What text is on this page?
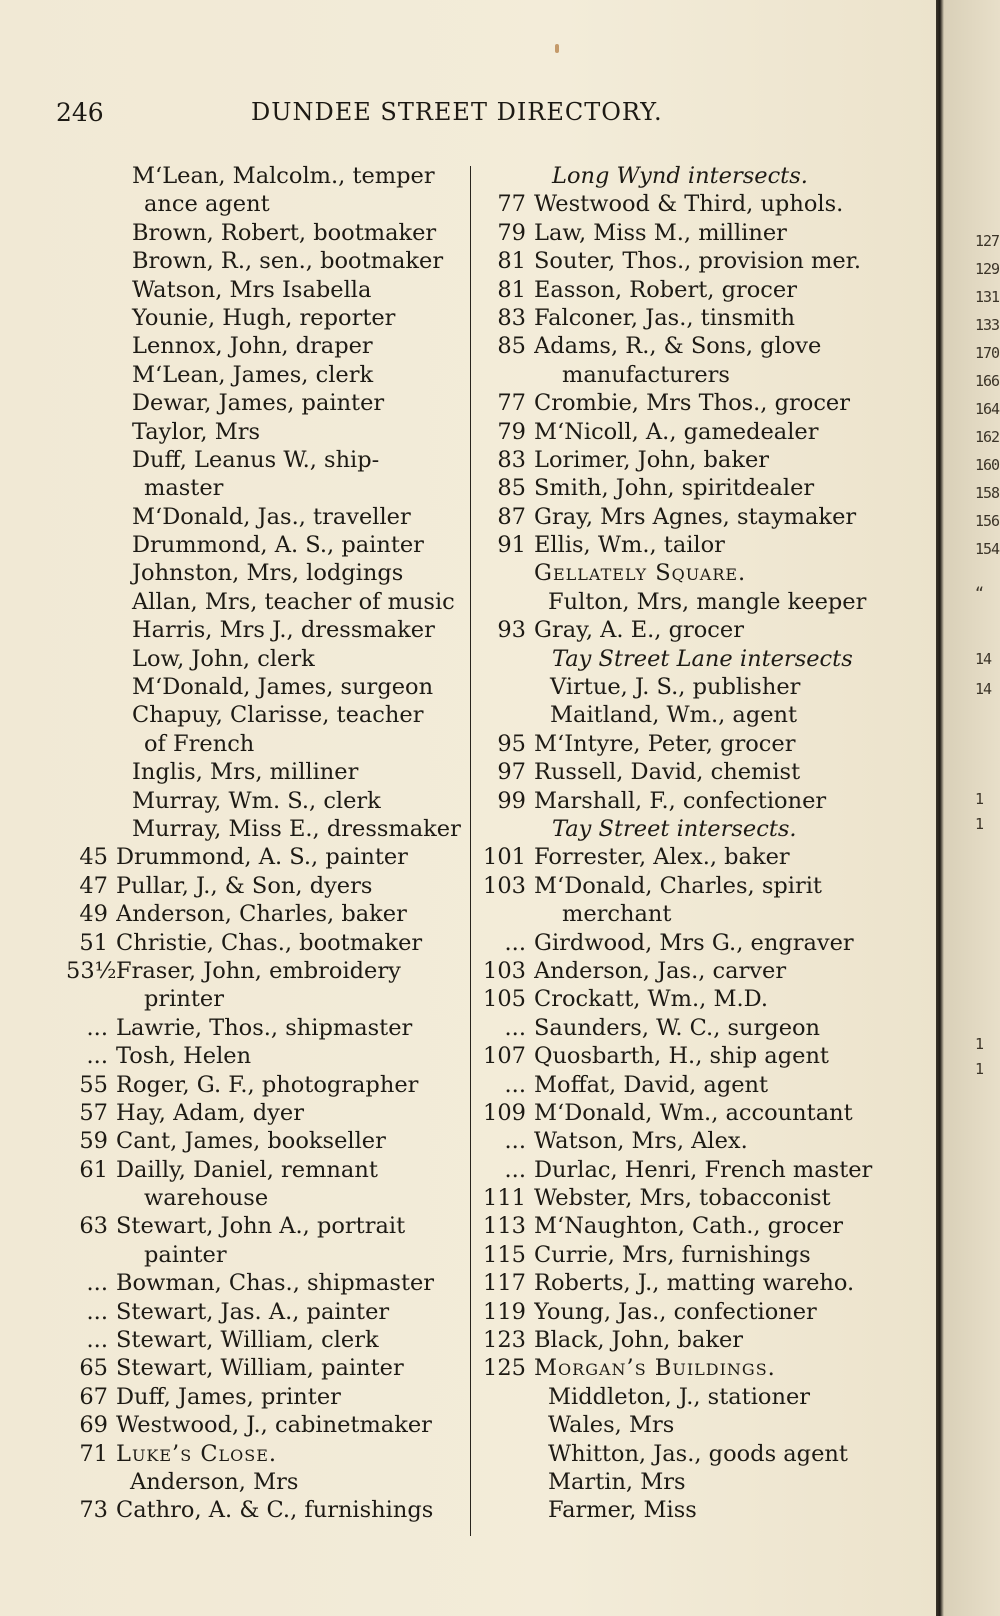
246	DUNDEE STREET DIRECTORY.
M‘Lean, Malcolm., temper
ance agent
Brown, Robert, bootmaker
Brown, R., sen., bootmaker
Watson, Mrs Isabella
Younie, Hugh, reporter
Lennox, John, draper
M‘Lean, James, clerk
Dewar, James, painter
Taylor, Mrs
Duff, Leanus W., ship-
master
M‘Donald, Jas., traveller
Drummond, A. S., painter
Johnston, Mrs, lodgings
Allan, Mrs, teacher of music
Harris, Mrs J., dressmaker
Low, John, clerk
M‘Donald, James, surgeon
Chapuy, Clarisse, teacher
of French
Inglis, Mrs, milliner
Murray, Wm. S., clerk
Murray, Miss E., dressmaker
45 Drummond, A. S., painter
47 Pullar, J., & Son, dyers
49 Anderson, Charles, baker
51 Christie, Chas., bootmaker
53½ Fraser, John, embroidery
printer
... Lawrie, Thos., shipmaster
... Tosh, Helen
55 Roger, G. F., photographer
57 Hay, Adam, dyer
59 Cant, James, bookseller
61 Dailly, Daniel, remnant
warehouse
63 Stewart, John A., portrait
painter
... Bowman, Chas., shipmaster
... Stewart, Jas. A., painter
... Stewart, William, clerk
65 Stewart, William, painter
67 Duff, James, printer
69 Westwood, J., cabinetmaker
71 Luke’s Close.
Anderson, Mrs
73 Cathro, A. & C., furnishings
Long Wynd intersects.
77 Westwood & Third, uphols.
79 Law, Miss M., milliner
81 Souter, Thos., provision mer.
81 Easson, Robert, grocer
83 Falconer, Jas., tinsmith
85 Adams, R., & Sons, glove
manufacturers
77 Crombie, Mrs Thos., grocer
79 M‘Nicoll, A., gamedealer
83 Lorimer, John, baker
85 Smith, John, spiritdealer
87 Gray, Mrs Agnes, staymaker
91 Ellis, Wm., tailor
Gellately Square.
Fulton, Mrs, mangle keeper
93 Gray, A. E., grocer
Tay Street Lane intersects
Virtue, J. S., publisher
Maitland, Wm., agent
95 M‘Intyre, Peter, grocer
97 Russell, David, chemist
99 Marshall, F., confectioner
Tay Street intersects.
101 Forrester, Alex., baker
103 M‘Donald, Charles, spirit
merchant
... Girdwood, Mrs G., engraver
103 Anderson, Jas., carver
105 Crockatt, Wm., M.D.
... Saunders, W. C., surgeon
107 Quosbarth, H., ship agent
... Moffat, David, agent
109 M‘Donald, Wm., accountant
... Watson, Mrs, Alex.
... Durlac, Henri, French master
111 Webster, Mrs, tobacconist
113 M‘Naughton, Cath., grocer
115 Currie, Mrs, furnishings
117 Roberts, J., matting wareho.
119 Young, Jas., confectioner
123 Black, John, baker
125 Morgan’s Buildings.
Middleton, J., stationer
Wales, Mrs
Whitton, Jas., goods agent
Martin, Mrs
Farmer, Miss
127
129
131
133
170
166
164
162
160
158
156
154
“
14
14
1
1
1
1
